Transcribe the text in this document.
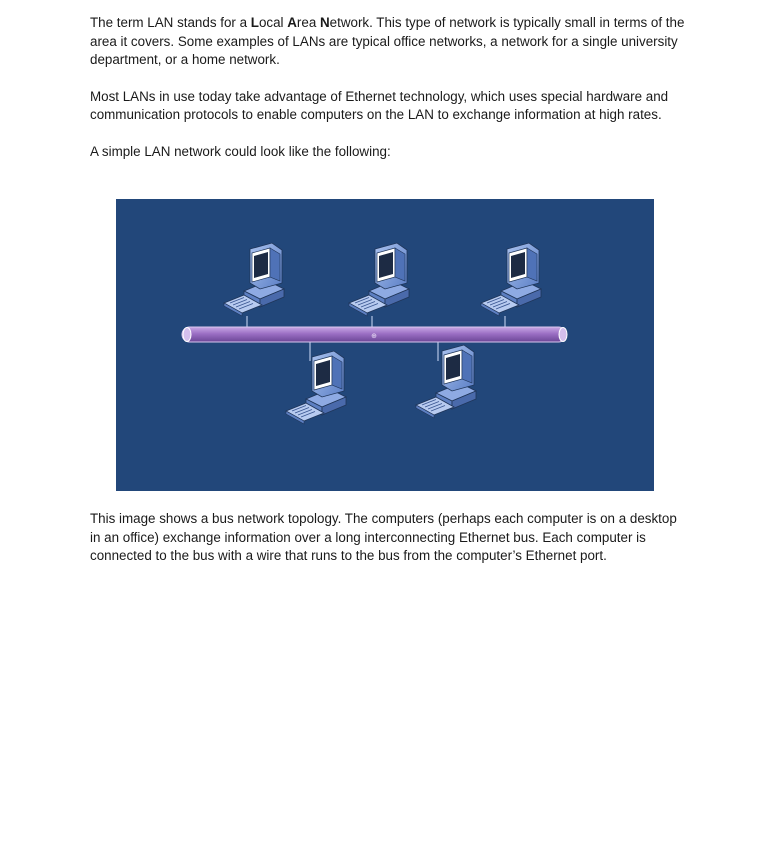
The term LAN stands for a Local Area Network. This type of network is typically small in terms of the area it covers. Some examples of LANs are typical office networks, a network for a single university department, or a home network.

Most LANs in use today take advantage of Ethernet technology, which uses special hardware and communication protocols to enable computers on the LAN to exchange information at high rates.

A simple LAN network could look like the following:

⊕

This image shows a bus network topology. The computers (perhaps each computer is on a desktop in an office) exchange information over a long interconnecting Ethernet bus. Each computer is connected to the bus with a wire that runs to the bus from the computer’s Ethernet port.
